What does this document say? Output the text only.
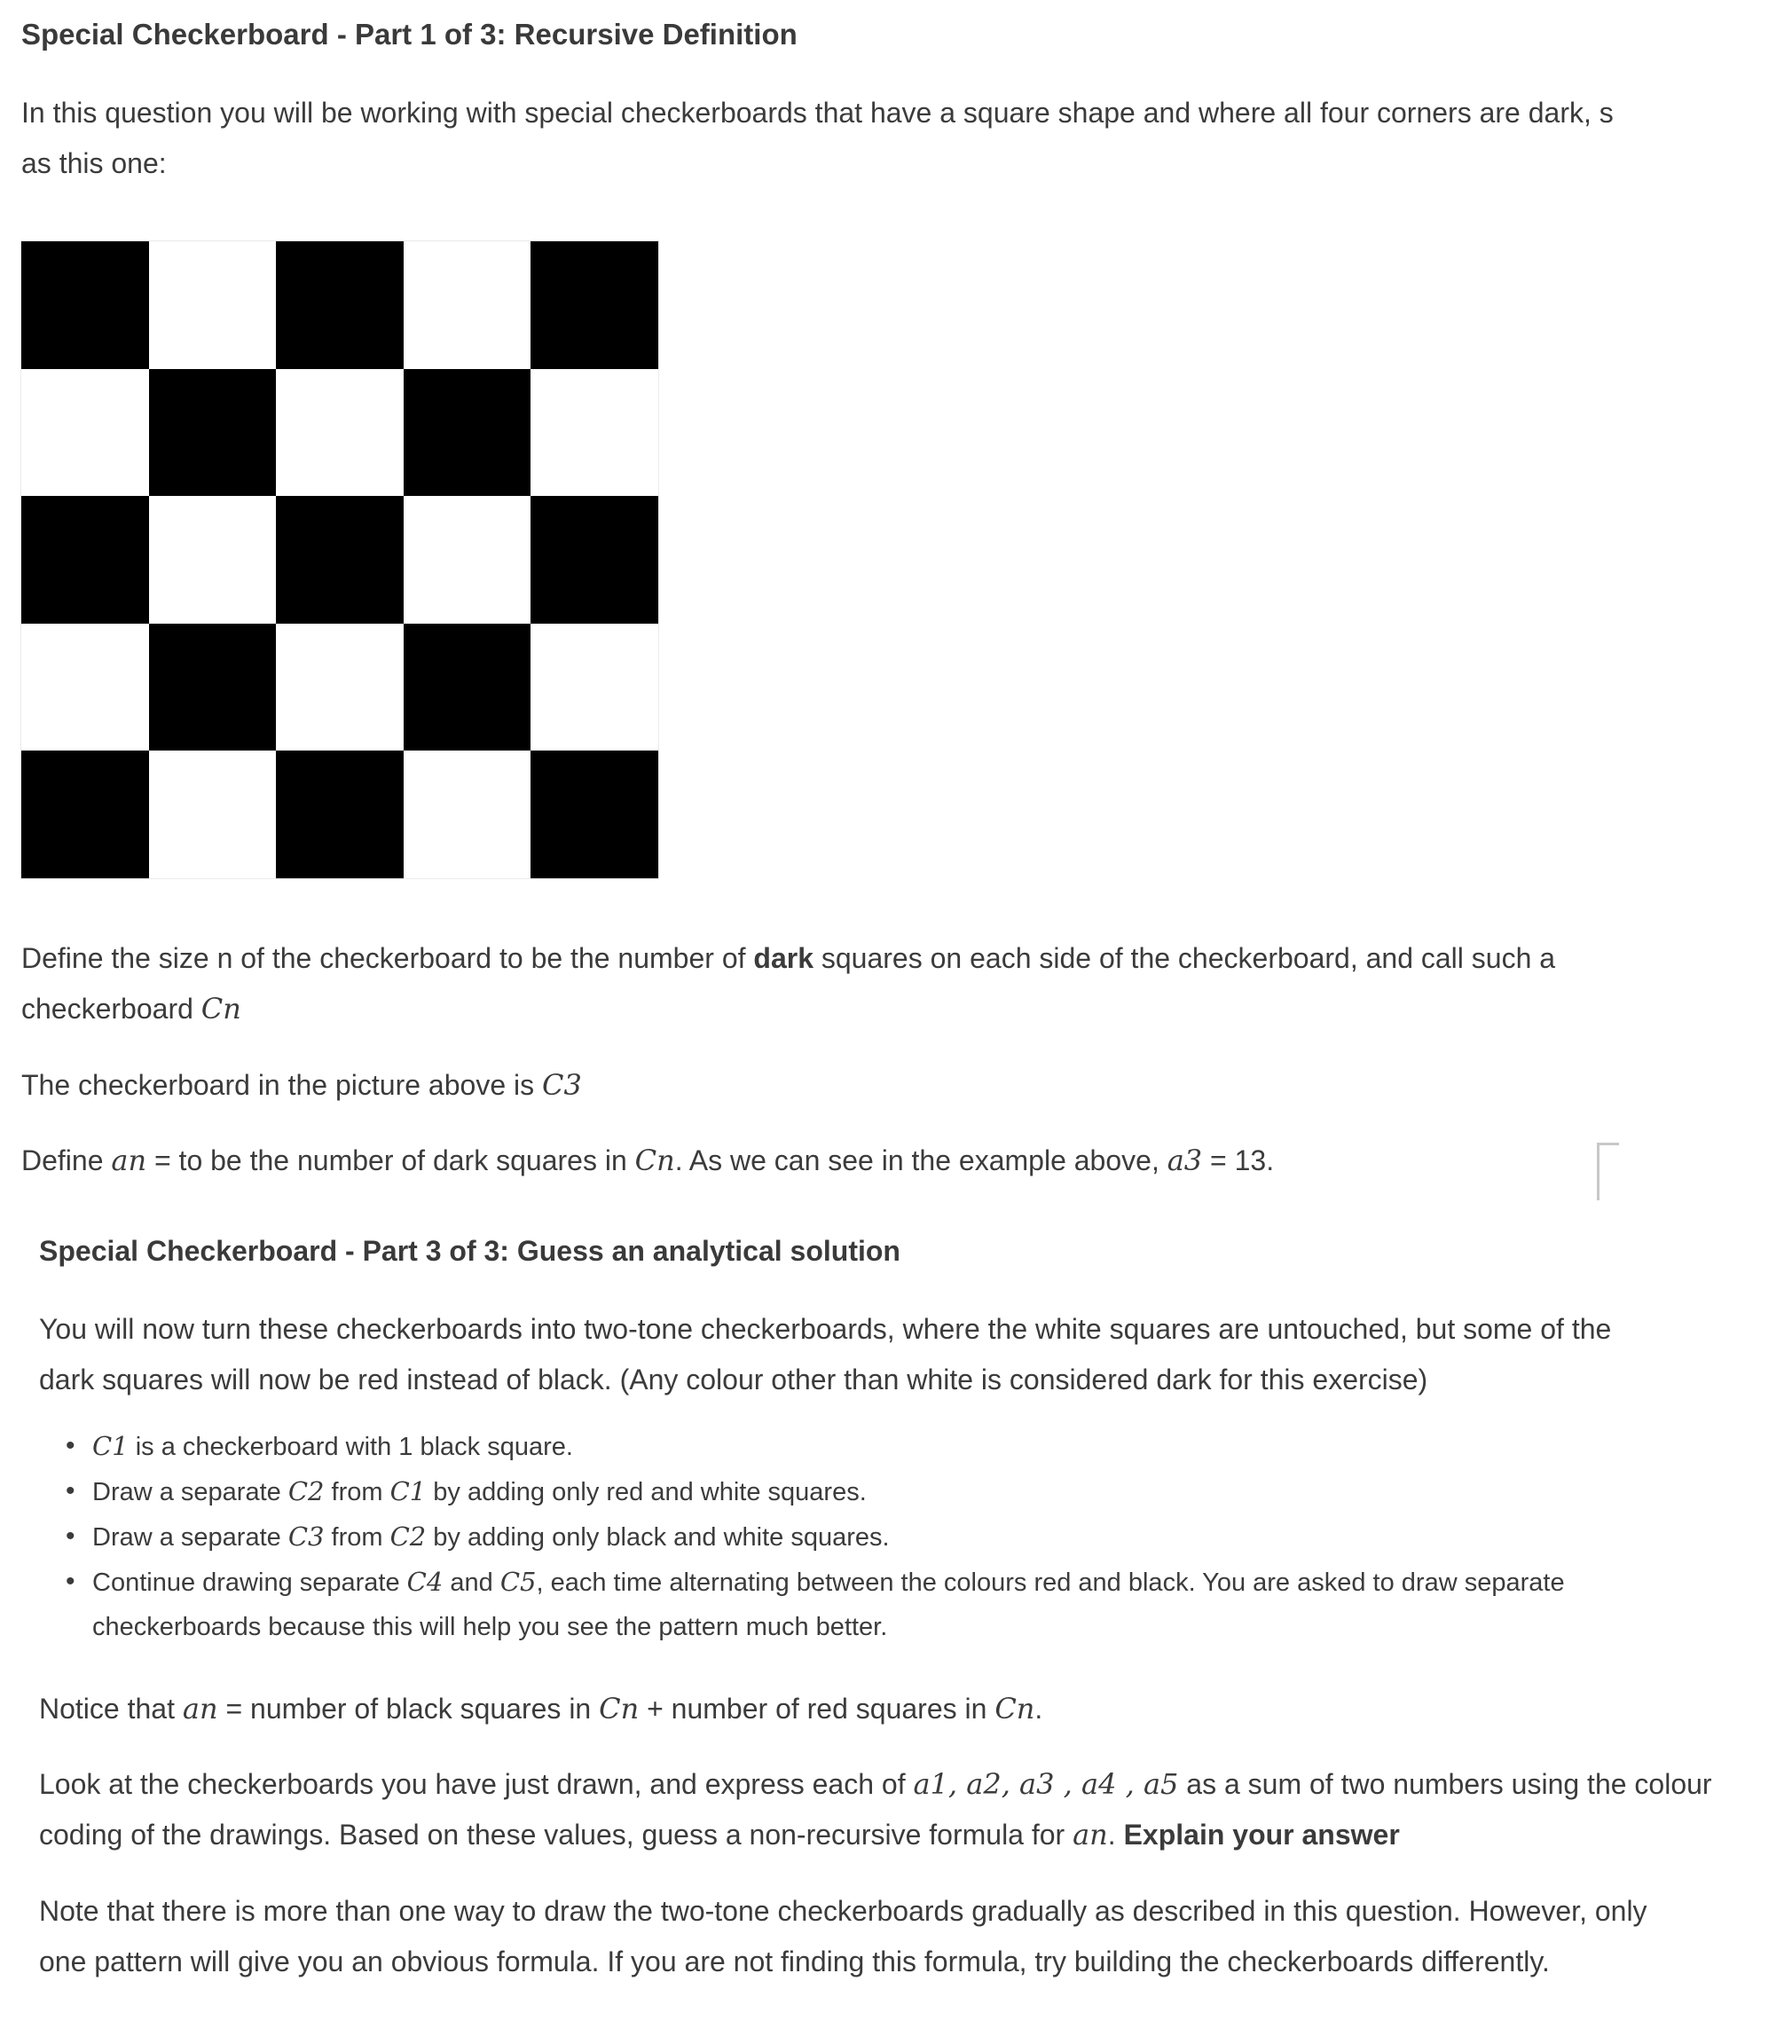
Special Checkerboard - Part 1 of 3: Recursive Definition
In this question you will be working with special checkerboards that have a square shape and where all four corners are dark, s
as this one:
Define the size n of the checkerboard to be the number of dark squares on each side of the checkerboard, and call such a
checkerboard Cn
The checkerboard in the picture above is C3
Define an = to be the number of dark squares in Cn. As we can see in the example above, a3 = 13.
Special Checkerboard - Part 3 of 3: Guess an analytical solution
You will now turn these checkerboards into two-tone checkerboards, where the white squares are untouched, but some of the
dark squares will now be red instead of black. (Any colour other than white is considered dark for this exercise)
• C1 is a checkerboard with 1 black square.
• Draw a separate C2 from C1 by adding only red and white squares.
• Draw a separate C3 from C2 by adding only black and white squares.
• Continue drawing separate C4 and C5, each time alternating between the colours red and black. You are asked to draw separate
checkerboards because this will help you see the pattern much better.
Notice that an = number of black squares in Cn + number of red squares in Cn.
Look at the checkerboards you have just drawn, and express each of a1, a2, a3 , a4 , a5 as a sum of two numbers using the colour
coding of the drawings. Based on these values, guess a non-recursive formula for an. Explain your answer
Note that there is more than one way to draw the two-tone checkerboards gradually as described in this question. However, only
one pattern will give you an obvious formula. If you are not finding this formula, try building the checkerboards differently.
